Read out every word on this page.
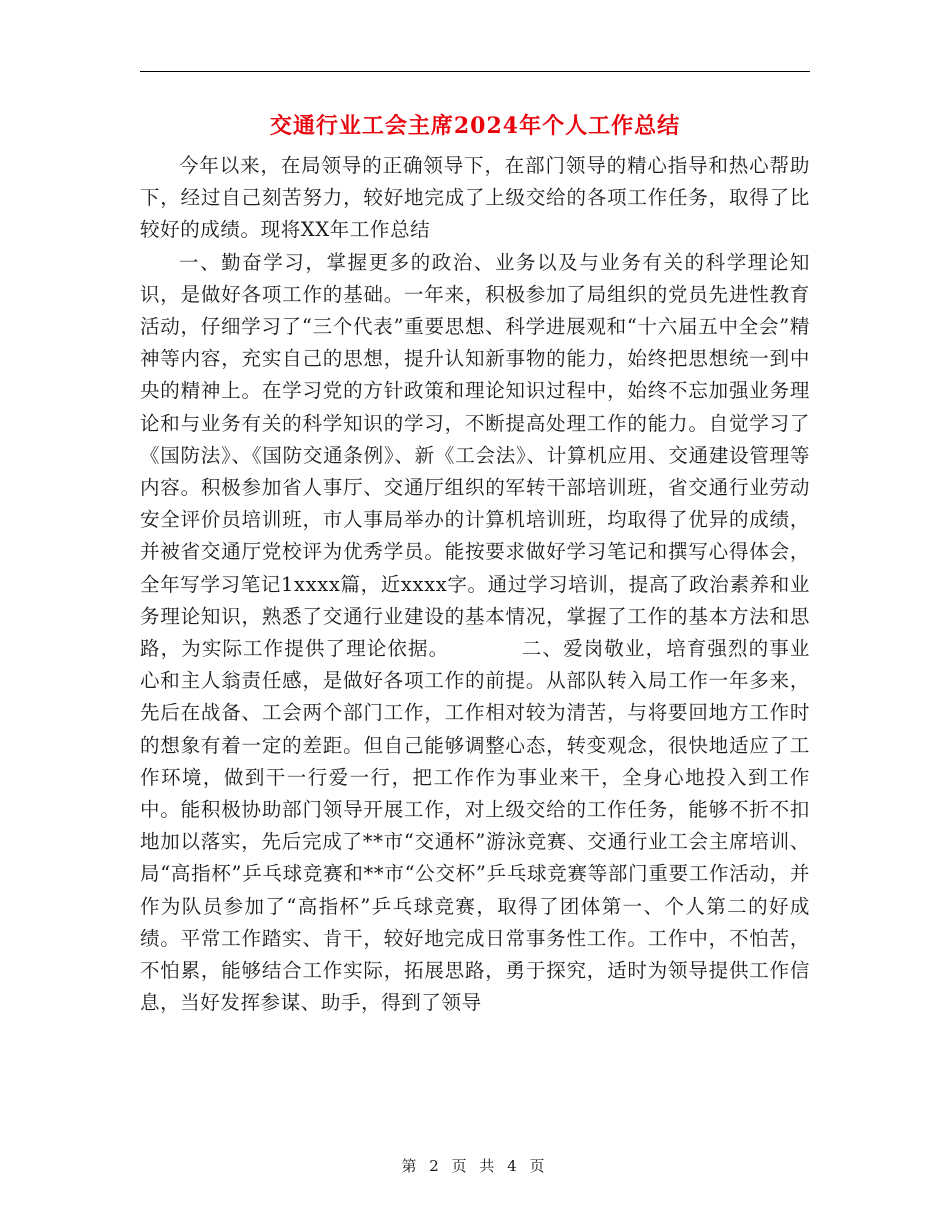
交通行业工会主席2024年个人工作总结

今年以来，在局领导的正确领导下，在部门领导的精心指导和热心帮助下，经过自己刻苦努力，较好地完成了上级交给的各项工作任务，取得了比较好的成绩。现将XX年工作总结

一、勤奋学习，掌握更多的政治、业务以及与业务有关的科学理论知识，是做好各项工作的基础。一年来，积极参加了局组织的党员先进性教育活动，仔细学习了“三个代表”重要思想、科学进展观和“十六届五中全会”精神等内容，充实自己的思想，提升认知新事物的能力，始终把思想统一到中央的精神上。在学习党的方针政策和理论知识过程中，始终不忘加强业务理论和与业务有关的科学知识的学习，不断提高处理工作的能力。自觉学习了《国防法》、《国防交通条例》、新《工会法》、计算机应用、交通建设管理等内容。积极参加省人事厅、交通厅组织的军转干部培训班，省交通行业劳动安全评价员培训班，市人事局举办的计算机培训班，均取得了优异的成绩，并被省交通厅党校评为优秀学员。能按要求做好学习笔记和撰写心得体会，全年写学习笔记1xxxx篇，近xxxx字。通过学习培训，提高了政治素养和业务理论知识，熟悉了交通行业建设的基本情况，掌握了工作的基本方法和思路，为实际工作提供了理论依据。　　　　二、爱岗敬业，培育强烈的事业心和主人翁责任感，是做好各项工作的前提。从部队转入局工作一年多来，先后在战备、工会两个部门工作，工作相对较为清苦，与将要回地方工作时的想象有着一定的差距。但自己能够调整心态，转变观念，很快地适应了工作环境，做到干一行爱一行，把工作作为事业来干，全身心地投入到工作中。能积极协助部门领导开展工作，对上级交给的工作任务，能够不折不扣地加以落实，先后完成了**市“交通杯”游泳竞赛、交通行业工会主席培训、局“高指杯”乒乓球竞赛和**市“公交杯”乒乓球竞赛等部门重要工作活动，并作为队员参加了“高指杯”乒乓球竞赛，取得了团体第一、个人第二的好成绩。平常工作踏实、肯干，较好地完成日常事务性工作。工作中，不怕苦，不怕累，能够结合工作实际，拓展思路，勇于探究，适时为领导提供工作信息，当好发挥参谋、助手，得到了领导

第 2 页 共 4 页
